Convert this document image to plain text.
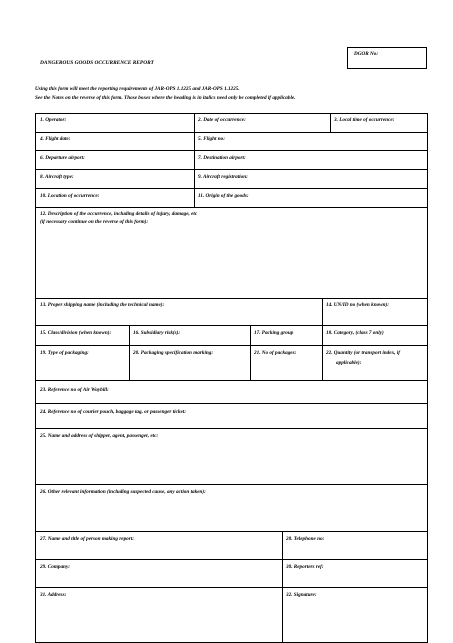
DGOR No:
DANGEROUS GOODS OCCURRENCE REPORT
Using this form will meet the reporting requirements of JAR-OPS 1.1225 and JAR-OPS 1.1225.
See the Notes on the reverse of this form. Those boxes where the heading is in italics need only be completed if applicable.
1. Operator:	2. Date of occurrence:	3. Local time of occurrence:
4. Flight date:	5. Flight no:
6. Departure airport:	7. Destination airport:
8. Aircraft type:	9. Aircraft registration:
10. Location of occurrence:	11. Origin of the goods:
12. Description of the occurrence, including details of injury, damage, etc
(if necessary continue on the reverse of this form):
13. Proper shipping name (including the technical name):	14. UN/ID no (when known):
15. Class/division (when known):	16. Subsidiary risk(s):	17. Packing group	18. Category, (class 7 only)
19. Type of packaging:	20. Packaging specification marking:	21. No of packages:	22. Quantity (or transport index, if
applicable):
23. Reference no of Air Waybill:
24. Reference no of courier pouch, baggage tag, or passenger ticket:
25. Name and address of shipper, agent, passenger, etc:
26. Other relevant information (including suspected cause, any action taken):
27. Name and title of person making report:	28. Telephone no:
29. Company:	30. Reporters ref:
31. Address:	32. Signature:
